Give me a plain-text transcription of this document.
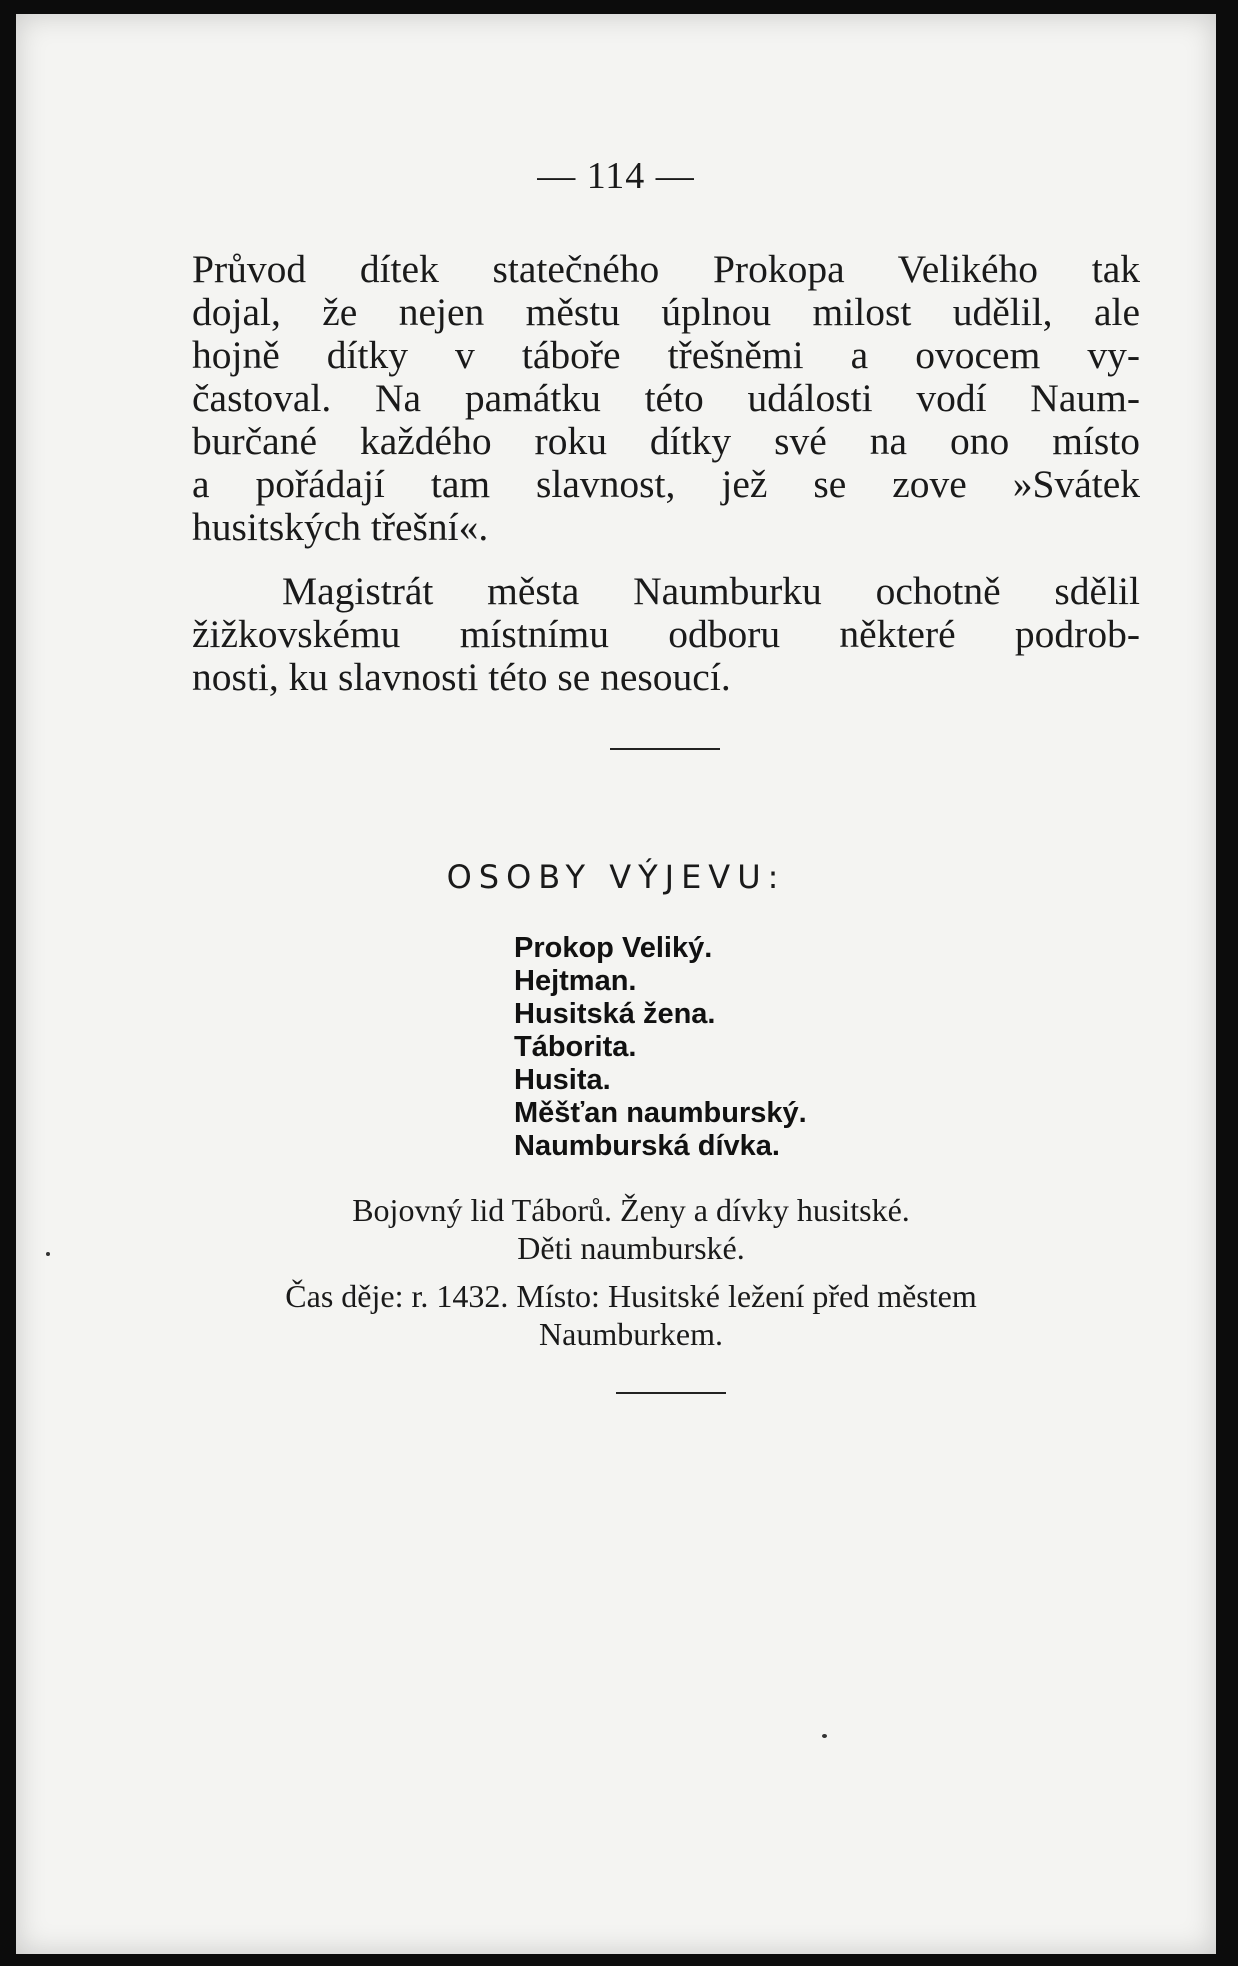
— 114 —
Průvod dítek statečného Prokopa Velikého tak
dojal, že nejen městu úplnou milost udělil, ale
hojně dítky v táboře třešněmi a ovocem vy-
častoval. Na památku této události vodí Naum-
burčané každého roku dítky své na ono místo
a pořádají tam slavnost, jež se zove »Svátek
husitských třešní«.
Magistrát města Naumburku ochotně sdělil
žižkovskému místnímu odboru některé podrob-
nosti, ku slavnosti této se nesoucí.
OSOBY VÝJEVU:
Prokop Veliký.
Hejtman.
Husitská žena.
Táborita.
Husita.
Měšťan naumburský.
Naumburská dívka.
Bojovný lid Táborů. Ženy a dívky husitské.
Děti naumburské.
Čas děje: r. 1432. Místo: Husitské ležení před městem
Naumburkem.
